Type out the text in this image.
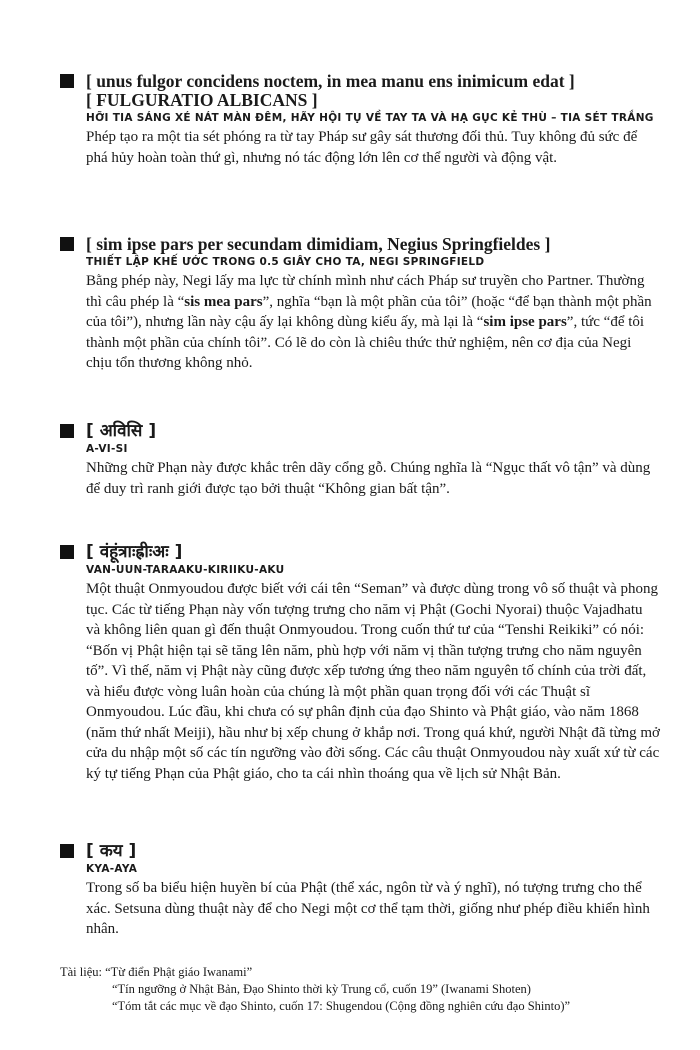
[ unus fulgor concidens noctem, in mea manu ens inimicum edat ]
[ FULGURATIO ALBICANS ]
HỠI TIA SÁNG XÉ NÁT MÀN ĐÊM, HÃY HỘI TỤ VỀ TAY TA VÀ HẠ GỤC KẺ THÙ – TIA SÉT TRẮNG
Phép tạo ra một tia sét phóng ra từ tay Pháp sư gây sát thương đối thủ. Tuy không đủ sức để phá hủy hoàn toàn thứ gì, nhưng nó tác động lớn lên cơ thể người và động vật.
[ sim ipse pars per secundam dimidiam, Negius Springfieldes ]
THIẾT LẬP KHẾ ƯỚC TRONG 0.5 GIÂY CHO TA, NEGI SPRINGFIELD
Bằng phép này, Negi lấy ma lực từ chính mình như cách Pháp sư truyền cho Partner. Thường thì câu phép là “sis mea pars”, nghĩa “bạn là một phần của tôi” (hoặc “để bạn thành một phần của tôi”), nhưng lần này cậu ấy lại không dùng kiểu ấy, mà lại là “sim ipse pars”, tức “để tôi thành một phần của chính tôi”. Có lẽ do còn là chiêu thức thử nghiệm, nên cơ địa của Negi chịu tổn thương không nhỏ.
[ अविसि ]
A-VI-SI
Những chữ Phạn này được khắc trên dãy cổng gỗ. Chúng nghĩa là “Ngục thất vô tận” và dùng để duy trì ranh giới được tạo bởi thuật “Không gian bất tận”.
[ वंहूंत्राःह्रीःअः ]
VAN-UUN-TARAAKU-KIRIIKU-AKU
Một thuật Onmyoudou được biết với cái tên “Seman” và được dùng trong vô số thuật và phong tục. Các từ tiếng Phạn này vốn tượng trưng cho năm vị Phật (Gochi Nyorai) thuộc Vajadhatu và không liên quan gì đến thuật Onmyoudou. Trong cuốn thứ tư của “Tenshi Reikiki” có nói: “Bốn vị Phật hiện tại sẽ tăng lên năm, phù hợp với năm vị thần tượng trưng cho năm nguyên tố”. Vì thế, năm vị Phật này cũng được xếp tương ứng theo năm nguyên tố chính của trời đất, và hiểu được vòng luân hoàn của chúng là một phần quan trọng đối với các Thuật sĩ Onmyoudou. Lúc đầu, khi chưa có sự phân định của đạo Shinto và Phật giáo, vào năm 1868 (năm thứ nhất Meiji), hầu như bị xếp chung ở khắp nơi. Trong quá khứ, người Nhật đã từng mở cửa du nhập một số các tín ngưỡng vào đời sống. Các câu thuật Onmyoudou này xuất xứ từ các ký tự tiếng Phạn của Phật giáo, cho ta cái nhìn thoáng qua về lịch sử Nhật Bản.
[ कय ]
KYA-AYA
Trong số ba biểu hiện huyền bí của Phật (thể xác, ngôn từ và ý nghĩ), nó tượng trưng cho thể xác. Setsuna dùng thuật này để cho Negi một cơ thể tạm thời, giống như phép điều khiển hình nhân.
Tài liệu: “Từ điển Phật giáo Iwanami”
“Tín ngưỡng ở Nhật Bản, Đạo Shinto thời kỳ Trung cổ, cuốn 19” (Iwanami Shoten)
“Tóm tắt các mục về đạo Shinto, cuốn 17: Shugendou (Cộng đồng nghiên cứu đạo Shinto)”
